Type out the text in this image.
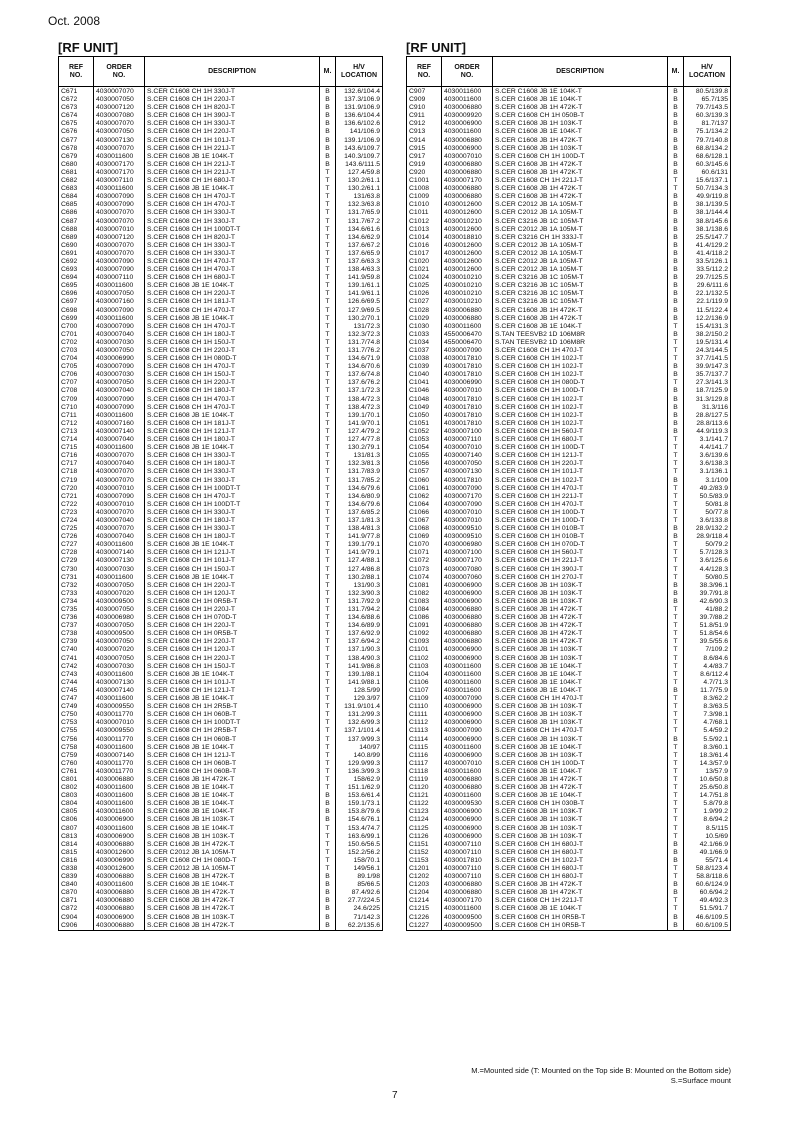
Oct. 2008
[RF UNIT]	[RF UNIT]
REF
NO.	ORDER
NO.	DESCRIPTION	M.	H/V
LOCATION
C671	4030007070	S.CER C1608 CH 1H 330J-T	B	132.6/104.4
C672	4030007050	S.CER C1608 CH 1H 220J-T	B	137.3/106.9
C673	4030007120	S.CER C1608 CH 1H 820J-T	B	131.9/106.9
C674	4030007080	S.CER C1608 CH 1H 390J-T	B	136.6/104.4
C675	4030007070	S.CER C1608 CH 1H 330J-T	B	136.6/102.6
C676	4030007050	S.CER C1608 CH 1H 220J-T	B	141/106.9
C677	4030007130	S.CER C1608 CH 1H 101J-T	B	139.1/106.9
C678	4030007070	S.CER C1608 CH 1H 221J-T	B	143.6/109.7
C679	4030011600	S.CER C1608 JB 1E 104K-T	B	140.3/109.7
C680	4030007170	S.CER C1608 CH 1H 221J-T	B	143.6/111.5
C681	4030007170	S.CER C1608 CH 1H 221J-T	T	127.4/59.8
C682	4030007110	S.CER C1608 CH 1H 680J-T	T	130.2/61.1
C683	4030011600	S.CER C1608 JB 1E 104K-T	T	130.2/61.1
C684	4030007090	S.CER C1608 CH 1H 470J-T	T	131/63.8
C685	4030007090	S.CER C1608 CH 1H 470J-T	T	132.3/63.8
C686	4030007070	S.CER C1608 CH 1H 330J-T	T	131.7/65.9
C687	4030007070	S.CER C1608 CH 1H 330J-T	T	131.7/67.2
C688	4030007010	S.CER C1608 CH 1H 100DT-T	T	134.6/61.6
C689	4030007120	S.CER C1608 CH 1H 820J-T	T	134.6/62.9
C690	4030007070	S.CER C1608 CH 1H 330J-T	T	137.6/67.2
C691	4030007070	S.CER C1608 CH 1H 330J-T	T	137.6/65.9
C692	4030007090	S.CER C1608 CH 1H 470J-T	T	137.6/63.3
C693	4030007090	S.CER C1608 CH 1H 470J-T	T	138.4/63.3
C694	4030007110	S.CER C1608 CH 1H 680J-T	T	141.9/59.8
C695	4030011600	S.CER C1608 JB 1E 104K-T	T	139.1/61.1
C696	4030007050	S.CER C1608 CH 1H 220J-T	T	141.9/61.1
C697	4030007160	S.CER C1608 CH 1H 181J-T	T	126.6/69.5
C698	4030007090	S.CER C1608 CH 1H 470J-T	T	127.9/69.5
C699	4030011600	S.CER C1608 JB 1E 104K-T	T	130.2/70.1
C700	4030007090	S.CER C1608 CH 1H 470J-T	T	131/72.3
C701	4030007040	S.CER C1608 CH 1H 180J-T	T	132.3/72.3
C702	4030007030	S.CER C1608 CH 1H 150J-T	T	131.7/74.8
C703	4030007050	S.CER C1608 CH 1H 220J-T	T	131.7/76.2
C704	4030006990	S.CER C1608 CH 1H 080D-T	T	134.6/71.9
C705	4030007090	S.CER C1608 CH 1H 470J-T	T	134.6/70.6
C706	4030007030	S.CER C1608 CH 1H 150J-T	T	137.6/74.8
C707	4030007050	S.CER C1608 CH 1H 220J-T	T	137.6/76.2
C708	4030007040	S.CER C1608 CH 1H 180J-T	T	137.1/72.3
C709	4030007090	S.CER C1608 CH 1H 470J-T	T	138.4/72.3
C710	4030007090	S.CER C1608 CH 1H 470J-T	T	138.4/72.3
C711	4030011600	S.CER C1608 JB 1E 104K-T	T	139.1/70.1
C712	4030007160	S.CER C1608 CH 1H 181J-T	T	141.9/70.1
C713	4030007140	S.CER C1608 CH 1H 121J-T	T	127.4/79.2
C714	4030007040	S.CER C1608 CH 1H 180J-T	T	127.4/77.8
C715	4030011600	S.CER C1608 JB 1E 104K-T	T	130.2/79.1
C716	4030007070	S.CER C1608 CH 1H 330J-T	T	131/81.3
C717	4030007040	S.CER C1608 CH 1H 180J-T	T	132.3/81.3
C718	4030007070	S.CER C1608 CH 1H 330J-T	T	131.7/83.9
C719	4030007070	S.CER C1608 CH 1H 330J-T	T	131.7/85.2
C720	4030007010	S.CER C1608 CH 1H 100DT-T	T	134.6/79.6
C721	4030007090	S.CER C1608 CH 1H 470J-T	T	134.6/80.9
C722	4030007010	S.CER C1608 CH 1H 100DT-T	T	134.6/79.6
C723	4030007070	S.CER C1608 CH 1H 330J-T	T	137.6/85.2
C724	4030007040	S.CER C1608 CH 1H 180J-T	T	137.1/81.3
C725	4030007070	S.CER C1608 CH 1H 330J-T	T	138.4/81.3
C726	4030007040	S.CER C1608 CH 1H 180J-T	T	141.9/77.8
C727	4030011600	S.CER C1608 JB 1E 104K-T	T	139.1/79.1
C728	4030007140	S.CER C1608 CH 1H 121J-T	T	141.9/79.1
C729	4030007130	S.CER C1608 CH 1H 101J-T	T	127.4/88.1
C730	4030007030	S.CER C1608 CH 1H 150J-T	T	127.4/86.8
C731	4030011600	S.CER C1608 JB 1E 104K-T	T	130.2/88.1
C732	4030007050	S.CER C1608 CH 1H 220J-T	T	131/90.3
C733	4030007020	S.CER C1608 CH 1H 120J-T	T	132.3/90.3
C734	4030009500	S.CER C1608 CH 1H 0R5B-T	T	131.7/92.9
C735	4030007050	S.CER C1608 CH 1H 220J-T	T	131.7/94.2
C736	4030006980	S.CER C1608 CH 1H 070D-T	T	134.6/88.6
C737	4030007050	S.CER C1608 CH 1H 220J-T	T	134.6/89.9
C738	4030009500	S.CER C1608 CH 1H 0R5B-T	T	137.6/92.9
C739	4030007050	S.CER C1608 CH 1H 220J-T	T	137.6/94.2
C740	4030007020	S.CER C1608 CH 1H 120J-T	T	137.1/90.3
C741	4030007050	S.CER C1608 CH 1H 220J-T	T	138.4/90.3
C742	4030007030	S.CER C1608 CH 1H 150J-T	T	141.9/86.8
C743	4030011600	S.CER C1608 JB 1E 104K-T	T	139.1/88.1
C744	4030007130	S.CER C1608 CH 1H 101J-T	T	141.9/88.1
C745	4030007140	S.CER C1608 CH 1H 121J-T	T	128.5/99
C747	4030011600	S.CER C1608 JB 1E 104K-T	T	129.3/97
C749	4030009550	S.CER C1608 CH 1H 2R5B-T	T	131.9/101.4
C750	4030011770	S.CER C1608 CH 1H 060B-T	T	131.2/99.3
C753	4030007010	S.CER C1608 CH 1H 100DT-T	T	132.6/99.3
C755	4030009550	S.CER C1608 CH 1H 2R5B-T	T	137.1/101.4
C756	4030011770	S.CER C1608 CH 1H 060B-T	T	137.9/99.3
C758	4030011600	S.CER C1608 JB 1E 104K-T	T	140/97
C759	4030007140	S.CER C1608 CH 1H 121J-T	T	140.8/99
C760	4030011770	S.CER C1608 CH 1H 060B-T	T	129.9/99.3
C761	4030011770	S.CER C1608 CH 1H 060B-T	T	136.3/99.3
C801	4030006880	S.CER C1608 JB 1H 472K-T	T	158/62.9
C802	4030011600	S.CER C1608 JB 1E 104K-T	T	151.1/62.9
C803	4030011600	S.CER C1608 JB 1E 104K-T	B	153.6/61.4
C804	4030011600	S.CER C1608 JB 1E 104K-T	B	159.1/73.1
C805	4030011600	S.CER C1608 JB 1E 104K-T	B	153.8/79.6
C806	4030006900	S.CER C1608 JB 1H 103K-T	B	154.6/76.1
C807	4030011600	S.CER C1608 JB 1E 104K-T	T	153.4/74.7
C813	4030006900	S.CER C1608 JB 1H 103K-T	T	163.6/99.1
C814	4030006880	S.CER C1608 JB 1H 472K-T	T	150.6/56.5
C815	4030012600	S.CER C2012 JB 1A 105M-T	T	152.2/56.2
C816	4030006990	S.CER C1608 CH 1H 080D-T	T	158/70.1
C838	4030012600	S.CER C2012 JB 1A 105M-T	T	149/56.1
C839	4030006880	S.CER C1608 JB 1H 472K-T	B	89.1/98
C840	4030011600	S.CER C1608 JB 1E 104K-T	B	85/66.5
C870	4030006880	S.CER C1608 JB 1H 472K-T	B	87.4/92.6
C871	4030006880	S.CER C1608 JB 1H 472K-T	B	27.7/224.5
C872	4030006880	S.CER C1608 JB 1H 472K-T	B	24.6/225
C904	4030006900	S.CER C1608 JB 1H 103K-T	B	71/142.3
C906	4030006880	S.CER C1608 JB 1H 472K-T	B	62.2/135.6
REF
NO.	ORDER
NO.	DESCRIPTION	M.	H/V
LOCATION
C907	4030011600	S.CER C1608 JB 1E 104K-T	B	80.5/139.8
C909	4030011600	S.CER C1608 JB 1E 104K-T	B	65.7/135
C910	4030006880	S.CER C1608 JB 1H 472K-T	B	79.7/143.5
C911	4030009920	S.CER C1608 CH 1H 050B-T	B	60.3/139.3
C912	4030006900	S.CER C1608 JB 1H 103K-T	B	81.7/137
C913	4030011600	S.CER C1608 JB 1E 104K-T	B	75.1/134.2
C914	4030006880	S.CER C1608 JB 1H 472K-T	B	79.7/140.8
C915	4030006900	S.CER C1608 JB 1H 103K-T	B	68.8/134.2
C917	4030007010	S.CER C1608 CH 1H 100D-T	B	68.6/128.1
C919	4030006880	S.CER C1608 JB 1H 472K-T	B	60.3/145.6
C920	4030006880	S.CER C1608 JB 1H 472K-T	B	60.6/131
C1001	4030007170	S.CER C1608 CH 1H 221J-T	T	15.6/137.1
C1008	4030006880	S.CER C1608 JB 1H 472K-T	T	50.7/134.3
C1009	4030006880	S.CER C1608 JB 1H 472K-T	B	49.9/119.8
C1010	4030012600	S.CER C2012 JB 1A 105M-T	B	38.1/139.5
C1011	4030012600	S.CER C2012 JB 1A 105M-T	B	38.1/144.4
C1012	4030010210	S.CER C3216 JB 1C 105M-T	B	38.8/145.6
C1013	4030012600	S.CER C2012 JB 1A 105M-T	B	38.1/138.6
C1014	4030018810	S.CER C3216 CH 1H 333J-T	B	25.5/147.7
C1016	4030012600	S.CER C2012 JB 1A 105M-T	B	41.4/129.2
C1017	4030012600	S.CER C2012 JB 1A 105M-T	B	41.4/118.2
C1020	4030012600	S.CER C2012 JB 1A 105M-T	B	33.5/126.1
C1021	4030012600	S.CER C2012 JB 1A 105M-T	B	33.5/112.2
C1024	4030010210	S.CER C3216 JB 1C 105M-T	B	29.7/125.5
C1025	4030010210	S.CER C3216 JB 1C 105M-T	B	29.6/111.6
C1026	4030010210	S.CER C3216 JB 1C 105M-T	B	22.1/132.5
C1027	4030010210	S.CER C3216 JB 1C 105M-T	B	22.1/119.9
C1028	4030006880	S.CER C1608 JB 1H 472K-T	B	11.5/122.4
C1029	4030006880	S.CER C1608 JB 1H 472K-T	B	12.2/136.9
C1030	4030011600	S.CER C1608 JB 1E 104K-T	T	15.4/131.3
C1033	4550006470	S.TAN TEESVB2 1D 106M8R	B	38.2/150.2
C1034	4550006470	S.TAN TEESVB2 1D 106M8R	T	19.5/131.4
C1037	4030007090	S.CER C1608 CH 1H 470J-T	T	24.3/144.5
C1038	4030017810	S.CER C1608 CH 1H 102J-T	T	37.7/141.5
C1039	4030017810	S.CER C1608 CH 1H 102J-T	B	39.9/147.3
C1040	4030017810	S.CER C1608 CH 1H 102J-T	B	35.7/137.7
C1041	4030006990	S.CER C1608 CH 1H 080D-T	T	27.3/141.3
C1046	4030007010	S.CER C1608 CH 1H 100D-T	B	18.7/125.9
C1048	4030017810	S.CER C1608 CH 1H 102J-T	B	31.3/129.8
C1049	4030017810	S.CER C1608 CH 1H 102J-T	B	31.3/116
C1050	4030017810	S.CER C1608 CH 1H 102J-T	B	28.8/127.5
C1051	4030017810	S.CER C1608 CH 1H 102J-T	B	28.8/113.6
C1052	4030007100	S.CER C1608 CH 1H 560J-T	B	44.9/119.3
C1053	4030007110	S.CER C1608 CH 1H 680J-T	T	3.1/141.7
C1054	4030007010	S.CER C1608 CH 1H 100D-T	T	4.4/141.7
C1055	4030007140	S.CER C1608 CH 1H 121J-T	T	3.6/139.6
C1056	4030007050	S.CER C1608 CH 1H 220J-T	T	3.6/138.3
C1057	4030007130	S.CER C1608 CH 1H 101J-T	T	3.1/136.1
C1060	4030017810	S.CER C1608 CH 1H 102J-T	B	3.1/109
C1061	4030007090	S.CER C1608 CH 1H 470J-T	T	49.2/83.9
C1062	4030007170	S.CER C1608 CH 1H 221J-T	T	50.5/83.9
C1064	4030007090	S.CER C1608 CH 1H 470J-T	T	50/81.8
C1066	4030007010	S.CER C1608 CH 1H 100D-T	T	50/77.8
C1067	4030007010	S.CER C1608 CH 1H 100D-T	T	3.6/133.8
C1068	4030009510	S.CER C1608 CH 1H 010B-T	B	28.9/132.2
C1069	4030009510	S.CER C1608 CH 1H 010B-T	B	28.9/118.4
C1070	4030006980	S.CER C1608 CH 1H 070D-T	T	50/79.2
C1071	4030007100	S.CER C1608 CH 1H 560J-T	T	5.7/128.3
C1072	4030007170	S.CER C1608 CH 1H 221J-T	T	3.6/125.6
C1073	4030007080	S.CER C1608 CH 1H 390J-T	T	4.4/128.3
C1074	4030007060	S.CER C1608 CH 1H 270J-T	T	50/80.5
C1081	4030006900	S.CER C1608 JB 1H 103K-T	B	38.3/96.1
C1082	4030006900	S.CER C1608 JB 1H 103K-T	B	39.7/91.8
C1083	4030006900	S.CER C1608 JB 1H 103K-T	B	42.6/90.3
C1084	4030006880	S.CER C1608 JB 1H 472K-T	T	41/88.2
C1086	4030006880	S.CER C1608 JB 1H 472K-T	T	39.7/88.2
C1091	4030006880	S.CER C1608 JB 1H 472K-T	T	51.8/51.9
C1092	4030006880	S.CER C1608 JB 1H 472K-T	T	51.8/54.6
C1093	4030006880	S.CER C1608 JB 1H 472K-T	T	39.5/55.6
C1101	4030006900	S.CER C1608 JB 1H 103K-T	T	7/109.2
C1102	4030006900	S.CER C1608 JB 1H 103K-T	T	8.6/84.6
C1103	4030011600	S.CER C1608 JB 1E 104K-T	T	4.4/83.7
C1104	4030011600	S.CER C1608 JB 1E 104K-T	T	8.6/112.4
C1106	4030011600	S.CER C1608 JB 1E 104K-T	T	4.7/71.3
C1107	4030011600	S.CER C1608 JB 1E 104K-T	B	11.7/75.9
C1109	4030007090	S.CER C1608 CH 1H 470J-T	T	8.3/62.2
C1110	4030006900	S.CER C1608 JB 1H 103K-T	T	8.3/63.5
C1111	4030006900	S.CER C1608 JB 1H 103K-T	T	7.3/98.1
C1112	4030006900	S.CER C1608 JB 1H 103K-T	T	4.7/68.1
C1113	4030007090	S.CER C1608 CH 1H 470J-T	T	5.4/59.2
C1114	4030006900	S.CER C1608 JB 1H 103K-T	B	5.5/92.1
C1115	4030011600	S.CER C1608 JB 1E 104K-T	T	8.3/60.1
C1116	4030006900	S.CER C1608 JB 1H 103K-T	T	18.3/61.4
C1117	4030007010	S.CER C1608 CH 1H 100D-T	T	14.3/57.9
C1118	4030011600	S.CER C1608 JB 1E 104K-T	T	13/57.9
C1119	4030006880	S.CER C1608 JB 1H 472K-T	T	10.6/50.8
C1120	4030006880	S.CER C1608 JB 1H 472K-T	T	25.6/50.8
C1121	4030011600	S.CER C1608 JB 1E 104K-T	T	14.7/51.8
C1122	4030009530	S.CER C1608 CH 1H 030B-T	T	5.8/79.8
C1123	4030006900	S.CER C1608 JB 1H 103K-T	T	1.9/99.2
C1124	4030006900	S.CER C1608 JB 1H 103K-T	T	8.6/94.2
C1125	4030006900	S.CER C1608 JB 1H 103K-T	T	8.5/115
C1126	4030006900	S.CER C1608 JB 1H 103K-T	T	10.5/69
C1151	4030007110	S.CER C1608 CH 1H 680J-T	B	42.1/66.9
C1152	4030007110	S.CER C1608 CH 1H 680J-T	B	49.1/66.9
C1153	4030017810	S.CER C1608 CH 1H 102J-T	B	55/71.4
C1201	4030007110	S.CER C1608 CH 1H 680J-T	T	58.8/123.4
C1202	4030007110	S.CER C1608 CH 1H 680J-T	T	58.8/118.6
C1203	4030006880	S.CER C1608 JB 1H 472K-T	B	60.6/124.9
C1204	4030006880	S.CER C1608 JB 1H 472K-T	B	60.6/94.2
C1214	4030007170	S.CER C1608 CH 1H 221J-T	T	49.4/92.3
C1215	4030011600	S.CER C1608 JB 1E 104K-T	T	51.5/91.7
C1226	4030009500	S.CER C1608 CH 1H 0R5B-T	B	46.6/109.5
C1227	4030009500	S.CER C1608 CH 1H 0R5B-T	B	60.6/109.5
M.=Mounted side (T: Mounted on the Top side B: Mounted on the Bottom side)
S.=Surface mount
7
